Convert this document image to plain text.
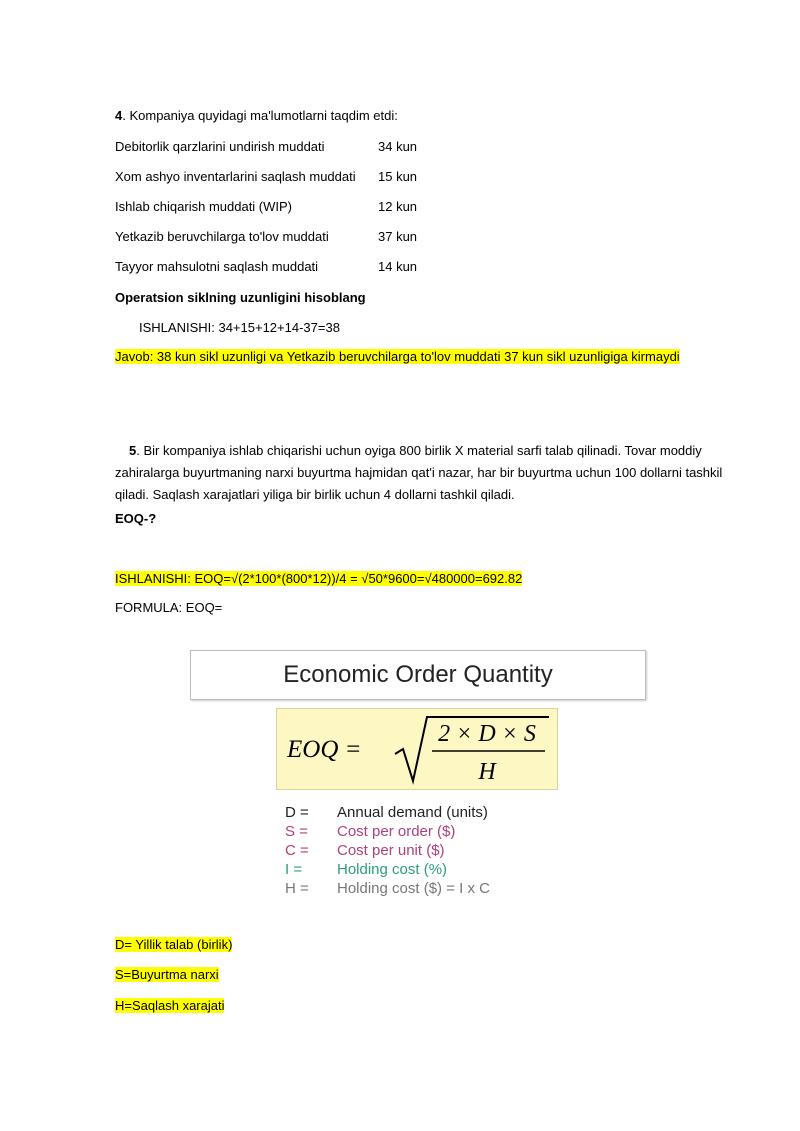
4. Kompaniya quyidagi ma'lumotlarni taqdim etdi:
Debitorlik qarzlarini undirish muddati	34 kun
Xom ashyo inventarlarini saqlash muddati 15 kun
Ishlab chiqarish muddati (WIP)	12 kun
Yetkazib beruvchilarga to'lov muddati	37 kun
Tayyor mahsulotni saqlash muddati	14 kun
Operatsion siklning uzunligini hisoblang
ISHLANISHI: 34+15+12+14-37=38
Javob: 38 kun sikl uzunligi va Yetkazib beruvchilarga to'lov muddati 37 kun sikl uzunligiga kirmaydi
5. Bir kompaniya ishlab chiqarishi uchun oyiga 800 birlik X material sarfi talab qilinadi. Tovar moddiy zahiralarga buyurtmaning narxi buyurtma hajmidan qat'i nazar, har bir buyurtma uchun 100 dollarni tashkil qiladi. Saqlash xarajatlari yiliga bir birlik uchun 4 dollarni tashkil qiladi.
EOQ-?
ISHLANISHI: EOQ=√(2*100*(800*12))/4 = √50*9600=√480000=692.82
FORMULA: EOQ=
Economic Order Quantity
EOQ =
2 × D × S
H
D = Annual demand (units)
S = Cost per order ($)
C = Cost per unit ($)
I = Holding cost (%)
H = Holding cost ($) = I x C
D= Yillik talab (birlik)
S=Buyurtma narxi
H=Saqlash xarajati
